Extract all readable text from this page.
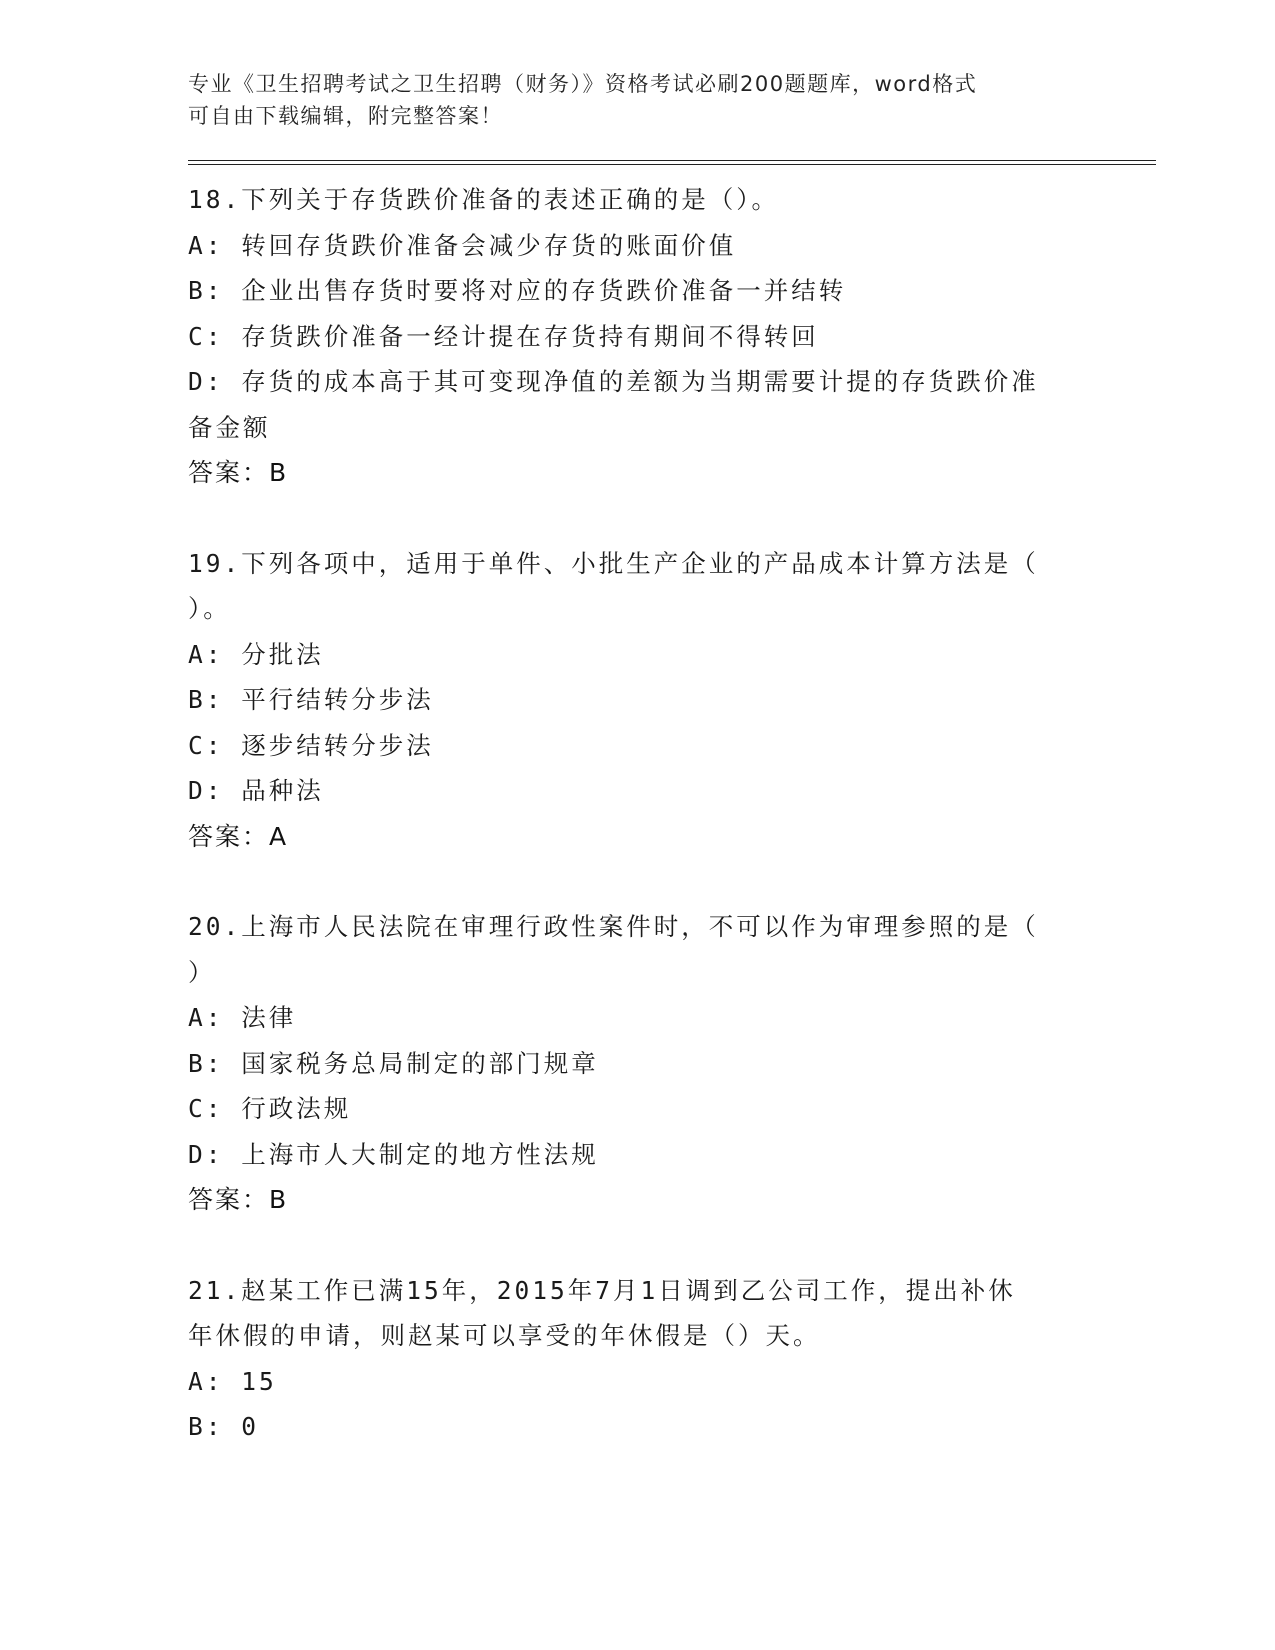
专业《卫生招聘考试之卫生招聘（财务）》资格考试必刷200题题库，word格式
可自由下载编辑，附完整答案！
18.下列关于存货跌价准备的表述正确的是（）。
A: 转回存货跌价准备会减少存货的账面价值
B: 企业出售存货时要将对应的存货跌价准备一并结转
C: 存货跌价准备一经计提在存货持有期间不得转回
D: 存货的成本高于其可变现净值的差额为当期需要计提的存货跌价准
备金额
答案：B
19.下列各项中，适用于单件、小批生产企业的产品成本计算方法是（
）。
A: 分批法
B: 平行结转分步法
C: 逐步结转分步法
D: 品种法
答案：A
20.上海市人民法院在审理行政性案件时，不可以作为审理参照的是（
）
A: 法律
B: 国家税务总局制定的部门规章
C: 行政法规
D: 上海市人大制定的地方性法规
答案：B
21.赵某工作已满15年，2015年7月1日调到乙公司工作，提出补休
年休假的申请，则赵某可以享受的年休假是（）天。
A: 15
B: 0
